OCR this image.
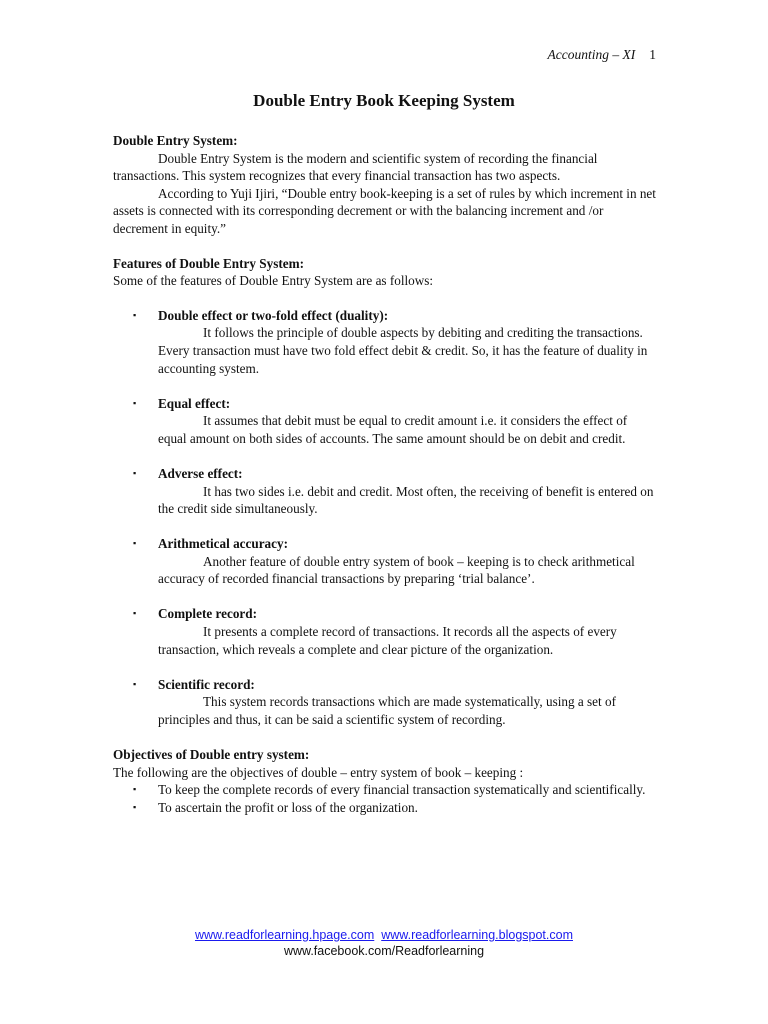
Accounting – XI 1
Double Entry Book Keeping System

Double Entry System:

Double Entry System is the modern and scientific system of recording the financial transactions. This system recognizes that every financial transaction has two aspects.

According to Yuji Ijiri, “Double entry book-keeping is a set of rules by which increment in net assets is connected with its corresponding decrement or with the balancing increment and /or decrement in equity.”

Features of Double Entry System:

Some of the features of Double Entry System are as follows:

▪ Double effect or two-fold effect (duality):
It follows the principle of double aspects by debiting and crediting the transactions. Every transaction must have two fold effect debit & credit. So, it has the feature of duality in accounting system.
▪ Equal effect:
It assumes that debit must be equal to credit amount i.e. it considers the effect of equal amount on both sides of accounts. The same amount should be on debit and credit.
▪ Adverse effect:
It has two sides i.e. debit and credit. Most often, the receiving of benefit is entered on the credit side simultaneously.
▪ Arithmetical accuracy:
Another feature of double entry system of book – keeping is to check arithmetical accuracy of recorded financial transactions by preparing ‘trial balance’.
▪ Complete record:
It presents a complete record of transactions. It records all the aspects of every transaction, which reveals a complete and clear picture of the organization.
▪ Scientific record:
This system records transactions which are made systematically, using a set of principles and thus, it can be said a scientific system of recording.

Objectives of Double entry system:

The following are the objectives of double – entry system of book – keeping :

▪ To keep the complete records of every financial transaction systematically and scientifically.
▪ To ascertain the profit or loss of the organization.
www.readforlearning.hpage.com www.readforlearning.blogspot.com
www.facebook.com/Readforlearning
